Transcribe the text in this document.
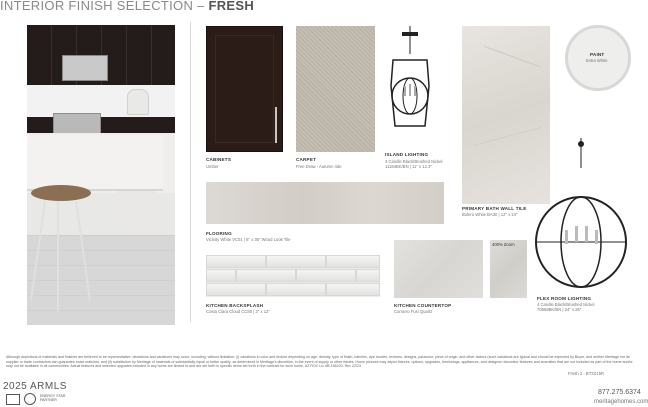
INTERIOR FINISH SELECTION – FRESH
CABINETS
Umber
CARPET
Free Draw - Autumn ride
ISLAND LIGHTING
4 Candle Black/Brushed Nickel
11184BK/BN | 11" x 12.3"
PRIMARY BATH WALL TILE
Bolero White BA30 | 12" x 24"
PAINT
Extra White
FLOORING
Vicinity White VC01 | 6" x 36" Wood Look Tile
KITCHEN BACKSPLASH
Costa Clara Cloud CC80 | 3" x 12"
400% Zoom
KITCHEN COUNTERTOP
Corrarro Fusi Quartz
FLEX ROOM LIGHTING
4 Candle Black/Brushed Nickel
70658BK/BN | 24" x 26"
Although depictions of materials and finishes are believed to be representative, deviations and variations may occur, including, without limitation: (i) variations in color and texture depending on age, density, type of finish, batches, dye movies, textures, designs, paracolor, piece of origin, and other factors (such variations are typical and should be expected by Buyer, and neither Meritage nor its supplier or trade contractors can guarantee exact matches; and (ii) substitution by Meritage of materials of substantially equal or better quality, as determined in Meritage's discretion, in the event of supply or other issues. Home pictures may depict fixtures, options, upgrades, furnishings, appliances, and designer/ decorator features and amenities that are not included as part of the home and/or may not be available in all communities. Actual features and selected upgrades included in any home are limited to and are set forth in specific items set forth in the contract for such home. AZ ROC Lic #B-156220. Rev 22/24.
2025 ARMLS
ENERGY STAR PARTNER
Fresh 2 - BTX015R
877.275.6374
meritagehomes.com
